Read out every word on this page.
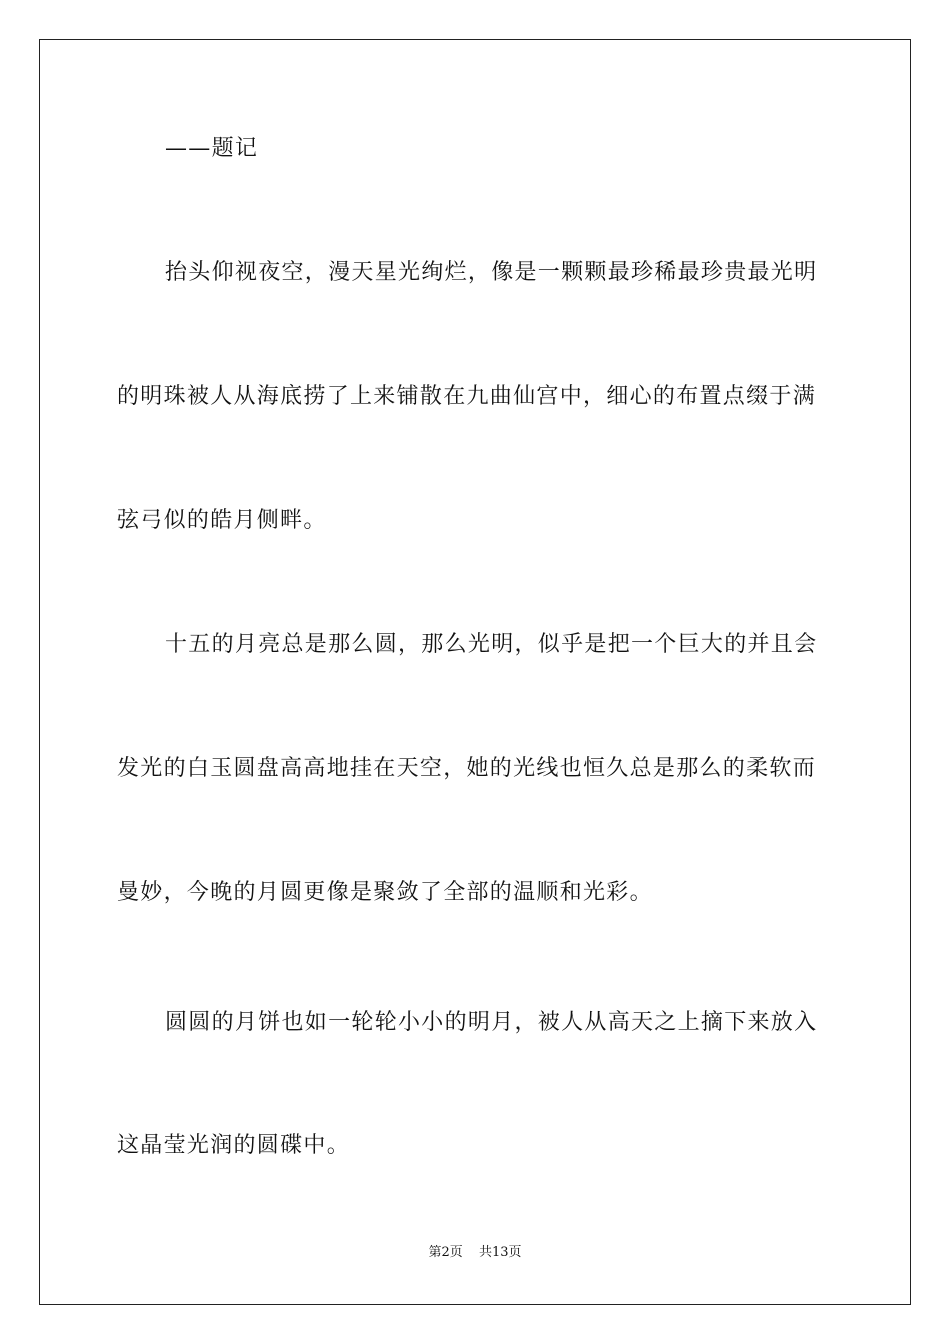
——题记
抬头仰视夜空，漫天星光绚烂，像是一颗颗最珍稀最珍贵最光明
的明珠被人从海底捞了上来铺散在九曲仙宫中，细心的布置点缀于满
弦弓似的皓月侧畔。
十五的月亮总是那么圆，那么光明，似乎是把一个巨大的并且会
发光的白玉圆盘高高地挂在天空，她的光线也恒久总是那么的柔软而
曼妙，今晚的月圆更像是聚敛了全部的温顺和光彩。
圆圆的月饼也如一轮轮小小的明月，被人从高天之上摘下来放入
这晶莹光润的圆碟中。
第2页 共13页
